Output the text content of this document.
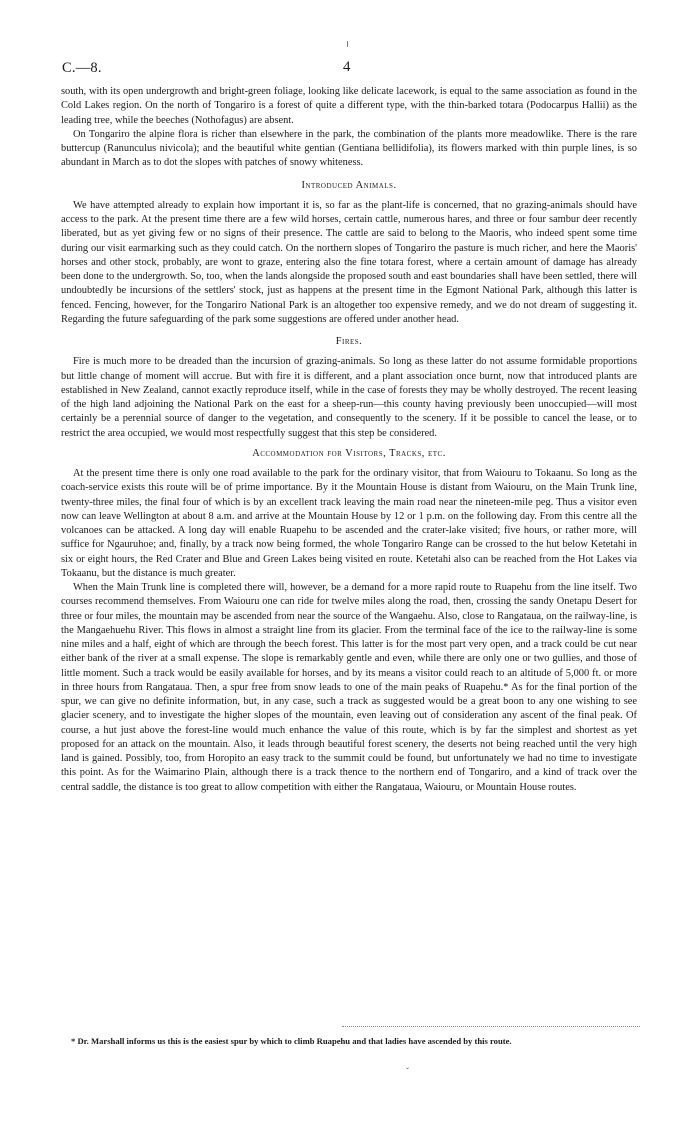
C.—8.	4

south, with its open undergrowth and bright-green foliage, looking like delicate lacework, is equal to the same association as found in the Cold Lakes region. On the north of Tongariro is a forest of quite a different type, with the thin-barked totara (Podocarpus Hallii) as the leading tree, while the beeches (Nothofagus) are absent.

On Tongariro the alpine flora is richer than elsewhere in the park, the combination of the plants more meadowlike. There is the rare buttercup (Ranunculus nivicola); and the beautiful white gentian (Gentiana bellidifolia), its flowers marked with thin purple lines, is so abundant in March as to dot the slopes with patches of snowy whiteness.

Introduced Animals.

We have attempted already to explain how important it is, so far as the plant-life is concerned, that no grazing-animals should have access to the park. At the present time there are a few wild horses, certain cattle, numerous hares, and three or four sambur deer recently liberated, but as yet giving few or no signs of their presence. The cattle are said to belong to the Maoris, who indeed spent some time during our visit earmarking such as they could catch. On the northern slopes of Tongariro the pasture is much richer, and here the Maoris' horses and other stock, probably, are wont to graze, entering also the fine totara forest, where a certain amount of damage has already been done to the undergrowth. So, too, when the lands alongside the proposed south and east boundaries shall have been settled, there will undoubtedly be incursions of the settlers' stock, just as happens at the present time in the Egmont National Park, although this latter is fenced. Fencing, however, for the Tongariro National Park is an altogether too expensive remedy, and we do not dream of suggesting it. Regarding the future safeguarding of the park some suggestions are offered under another head.

Fires.

Fire is much more to be dreaded than the incursion of grazing-animals. So long as these latter do not assume formidable proportions but little change of moment will accrue. But with fire it is different, and a plant association once burnt, now that introduced plants are established in New Zealand, cannot exactly reproduce itself, while in the case of forests they may be wholly destroyed. The recent leasing of the high land adjoining the National Park on the east for a sheep-run—this county having previously been unoccupied—will most certainly be a perennial source of danger to the vegetation, and consequently to the scenery. If it be possible to cancel the lease, or to restrict the area occupied, we would most respectfully suggest that this step be considered.

Accommodation for Visitors, Tracks, etc.

At the present time there is only one road available to the park for the ordinary visitor, that from Waiouru to Tokaanu. So long as the coach-service exists this route will be of prime importance. By it the Mountain House is distant from Waiouru, on the Main Trunk line, twenty-three miles, the final four of which is by an excellent track leaving the main road near the nineteen-mile peg. Thus a visitor even now can leave Wellington at about 8 a.m. and arrive at the Mountain House by 12 or 1 p.m. on the following day. From this centre all the volcanoes can be attacked. A long day will enable Ruapehu to be ascended and the crater-lake visited; five hours, or rather more, will suffice for Ngauruhoe; and, finally, by a track now being formed, the whole Tongariro Range can be crossed to the hut below Ketetahi in six or eight hours, the Red Crater and Blue and Green Lakes being visited en route. Ketetahi also can be reached from the Hot Lakes via Tokaanu, but the distance is much greater.

When the Main Trunk line is completed there will, however, be a demand for a more rapid route to Ruapehu from the line itself. Two courses recommend themselves. From Waiouru one can ride for twelve miles along the road, then, crossing the sandy Onetapu Desert for three or four miles, the mountain may be ascended from near the source of the Wangaehu. Also, close to Rangataua, on the railway-line, is the Mangaehuehu River. This flows in almost a straight line from its glacier. From the terminal face of the ice to the railway-line is some nine miles and a half, eight of which are through the beech forest. This latter is for the most part very open, and a track could be cut near either bank of the river at a small expense. The slope is remarkably gentle and even, while there are only one or two gullies, and those of little moment. Such a track would be easily available for horses, and by its means a visitor could reach to an altitude of 5,000 ft. or more in three hours from Rangataua. Then, a spur free from snow leads to one of the main peaks of Ruapehu.* As for the final portion of the spur, we can give no definite information, but, in any case, such a track as suggested would be a great boon to any one wishing to see glacier scenery, and to investigate the higher slopes of the mountain, even leaving out of consideration any ascent of the final peak. Of course, a hut just above the forest-line would much enhance the value of this route, which is by far the simplest and shortest as yet proposed for an attack on the mountain. Also, it leads through beautiful forest scenery, the deserts not being reached until the very high land is gained. Possibly, too, from Horopito an easy track to the summit could be found, but unfortunately we had no time to investigate this point. As for the Waimarino Plain, although there is a track thence to the northern end of Tongariro, and a kind of track over the central saddle, the distance is too great to allow competition with either the Rangataua, Waiouru, or Mountain House routes.

* Dr. Marshall informs us this is the easiest spur by which to climb Ruapehu and that ladies have ascended by this route.
ˇ
